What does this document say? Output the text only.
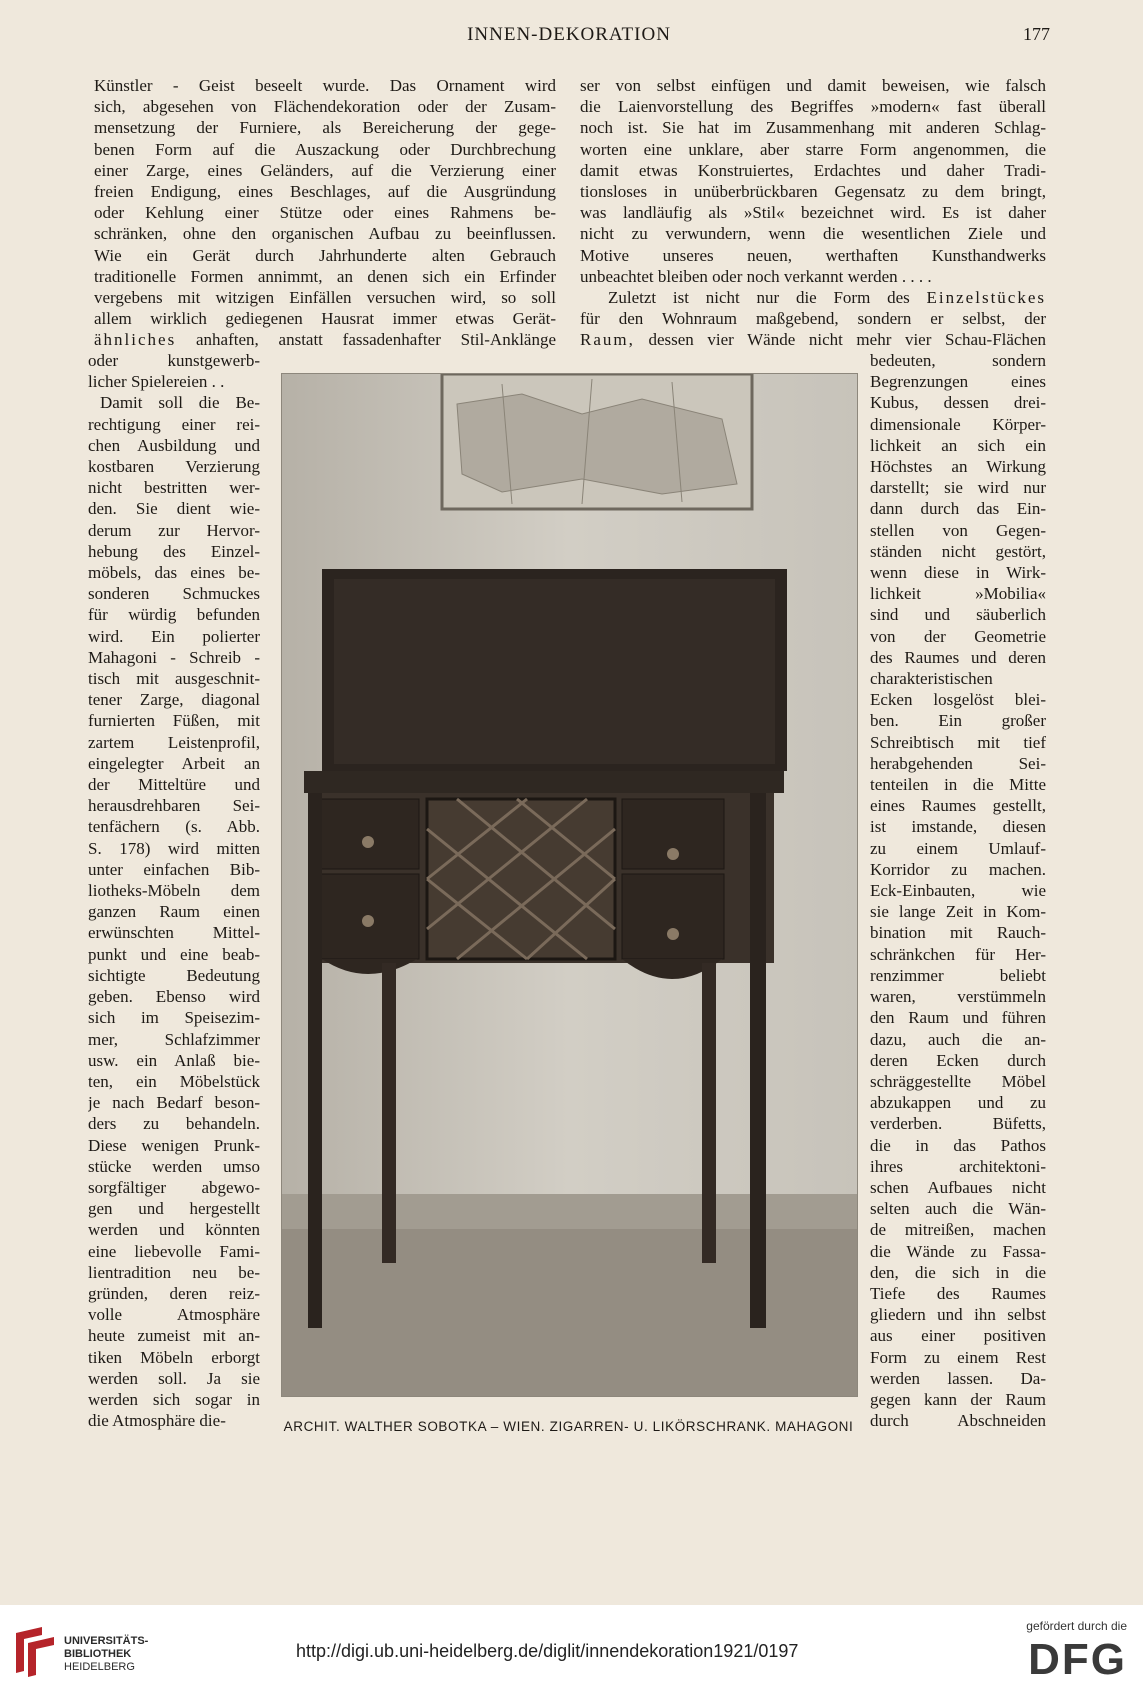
INNEN-DEKORATION	177
Künstler - Geist beseelt wurde. Das Ornament wird
sich, abgesehen von Flächendekoration oder der Zusam-
mensetzung der Furniere, als Bereicherung der gege-
benen Form auf die Auszackung oder Durchbrechung
einer Zarge, eines Geländers, auf die Verzierung einer
freien Endigung, eines Beschlages, auf die Ausgründung
oder Kehlung einer Stütze oder eines Rahmens be-
schränken, ohne den organischen Aufbau zu beeinflussen.
Wie ein Gerät durch Jahrhunderte alten Gebrauch
traditionelle Formen annimmt, an denen sich ein Erfinder
vergebens mit witzigen Einfällen versuchen wird, so soll
allem wirklich gediegenen Hausrat immer etwas Gerät-
ähnliches anhaften, anstatt fassadenhafter Stil-Anklänge
oder kunstgewerb-
licher Spielereien . .
Damit soll die Be-
rechtigung einer rei-
chen Ausbildung und
kostbaren Verzierung
nicht bestritten wer-
den. Sie dient wie-
derum zur Hervor-
hebung des Einzel-
möbels, das eines be-
sonderen Schmuckes
für würdig befunden
wird. Ein polierter
Mahagoni - Schreib -
tisch mit ausgeschnit-
tener Zarge, diagonal
furnierten Füßen, mit
zartem Leistenprofil,
eingelegter Arbeit an
der Mitteltüre und
herausdrehbaren Sei-
tenfächern (s. Abb.
S. 178) wird mitten
unter einfachen Bib-
liotheks-Möbeln dem
ganzen Raum einen
erwünschten Mittel-
punkt und eine beab-
sichtigte Bedeutung
geben. Ebenso wird
sich im Speisezim-
mer, Schlafzimmer
usw. ein Anlaß bie-
ten, ein Möbelstück
je nach Bedarf beson-
ders zu behandeln.
Diese wenigen Prunk-
stücke werden umso
sorgfältiger abgewo-
gen und hergestellt
werden und könnten
eine liebevolle Fami-
lientradition neu be-
gründen, deren reiz-
volle Atmosphäre
heute zumeist mit an-
tiken Möbeln erborgt
werden soll. Ja sie
werden sich sogar in
die Atmosphäre die-
ser von selbst einfügen und damit beweisen, wie falsch
die Laienvorstellung des Begriffes »modern« fast überall
noch ist. Sie hat im Zusammenhang mit anderen Schlag-
worten eine unklare, aber starre Form angenommen, die
damit etwas Konstruiertes, Erdachtes und daher Tradi-
tionsloses in unüberbrückbaren Gegensatz zu dem bringt,
was landläufig als »Stil« bezeichnet wird. Es ist daher
nicht zu verwundern, wenn die wesentlichen Ziele und
Motive unseres neuen, werthaften Kunsthandwerks
unbeachtet bleiben oder noch verkannt werden . . . .
Zuletzt ist nicht nur die Form des Einzelstückes
für den Wohnraum maßgebend, sondern er selbst, der
Raum, dessen vier Wände nicht mehr vier Schau-Flächen
bedeuten, sondern
Begrenzungen eines
Kubus, dessen drei-
dimensionale Körper-
lichkeit an sich ein
Höchstes an Wirkung
darstellt; sie wird nur
dann durch das Ein-
stellen von Gegen-
ständen nicht gestört,
wenn diese in Wirk-
lichkeit »Mobilia«
sind und säuberlich
von der Geometrie
des Raumes und deren
charakteristischen
Ecken losgelöst blei-
ben. Ein großer
Schreibtisch mit tief
herabgehenden Sei-
tenteilen in die Mitte
eines Raumes gestellt,
ist imstande, diesen
zu einem Umlauf-
Korridor zu machen.
Eck-Einbauten, wie
sie lange Zeit in Kom-
bination mit Rauch-
schränkchen für Her-
renzimmer beliebt
waren, verstümmeln
den Raum und führen
dazu, auch die an-
deren Ecken durch
schräggestellte Möbel
abzukappen und zu
verderben. Büfetts,
die in das Pathos
ihres architektoni-
schen Aufbaues nicht
selten auch die Wän-
de mitreißen, machen
die Wände zu Fassa-
den, die sich in die
Tiefe des Raumes
gliedern und ihn selbst
aus einer positiven
Form zu einem Rest
werden lassen. Da-
gegen kann der Raum
durch Abschneiden
ARCHIT. WALTHER SOBOTKA – WIEN. ZIGARREN- U. LIKÖRSCHRANK. MAHAGONI
UNIVERSITÄTS-
BIBLIOTHEK
HEIDELBERG
http://digi.ub.uni-heidelberg.de/diglit/innendekoration1921/0197
gefördert durch die
DFG
